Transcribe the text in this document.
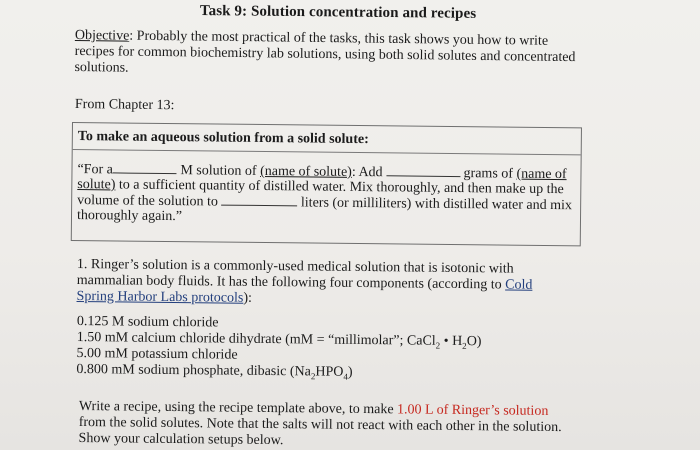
Task 9: Solution concentration and recipes
Objective: Probably the most practical of the tasks, this task shows you how to write recipes for common biochemistry lab solutions, using both solid solutes and concentrated solutions.
From Chapter 13:
To make an aqueous solution from a solid solute:
“For a	M solution of (name of solute): Add	grams of (name of solute) to a sufficient quantity of distilled water. Mix thoroughly, and then make up the volume of the solution to	liters (or milliliters) with distilled water and mix thoroughly again.”
1. Ringer’s solution is a commonly-used medical solution that is isotonic with mammalian body fluids. It has the following four components (according to Cold Spring Harbor Labs protocols):
0.125 M sodium chloride
1.50 mM calcium chloride dihydrate (mM = “millimolar”; CaCl$_2$ • $H_2O$)
5.00 mM potassium chloride
0.800 mM sodium phosphate, dibasic $(Na_2HPO_4)$
Write a recipe, using the recipe template above, to make 1.00 L of Ringer’s solution from the solid solutes. Note that the salts will not react with each other in the solution. Show your calculation setups below.
